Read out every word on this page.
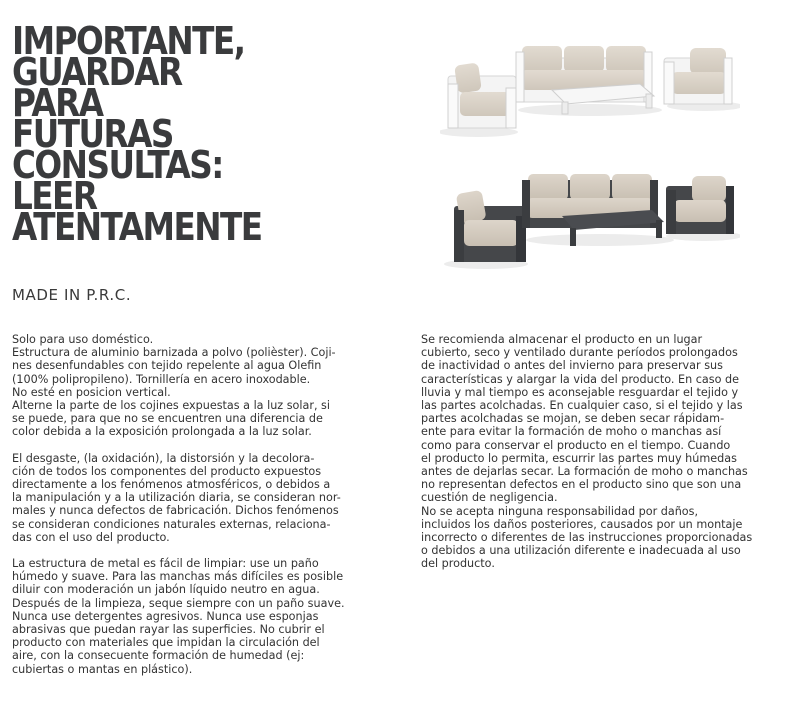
IMPORTANTE,
GUARDAR
PARA FUTURAS
CONSULTAS:
LEER
ATENTAMENTE
MADE IN P.R.C.

Solo para uso doméstico.
Estructura de aluminio barnizada a polvo (polièster). Coji-
nes desenfundables con tejido repelente al agua Olefin
(100% polipropileno). Tornillería en acero inoxodable.
No esté en posicion vertical.
Alterne la parte de los cojines expuestas a la luz solar, si
se puede, para que no se encuentren una diferencia de
color debida a la exposición prolongada a la luz solar.

El desgaste, (la oxidación), la distorsión y la decolora-
ción de todos los componentes del producto expuestos
directamente a los fenómenos atmosféricos, o debidos a
la manipulación y a la utilización diaria, se consideran nor-
males y nunca defectos de fabricación. Dichos fenómenos
se consideran condiciones naturales externas, relaciona-
das con el uso del producto.

La estructura de metal es fácil de limpiar: use un paño
húmedo y suave. Para las manchas más difíciles es posible
diluir con moderación un jabón líquido neutro en agua.
Después de la limpieza, seque siempre con un paño suave.
Nunca use detergentes agresivos. Nunca use esponjas
abrasivas que puedan rayar las superficies. No cubrir el
producto con materiales que impidan la circulación del
aire, con la consecuente formación de humedad (ej:
cubiertas o mantas en plástico).

Se recomienda almacenar el producto en un lugar
cubierto, seco y ventilado durante períodos prolongados
de inactividad o antes del invierno para preservar sus
características y alargar la vida del producto. En caso de
lluvia y mal tiempo es aconsejable resguardar el tejido y
las partes acolchadas. En cualquier caso, si el tejido y las
partes acolchadas se mojan, se deben secar rápidam-
ente para evitar la formación de moho o manchas así
como para conservar el producto en el tiempo. Cuando
el producto lo permita, escurrir las partes muy húmedas
antes de dejarlas secar. La formación de moho o manchas
no representan defectos en el producto sino que son una
cuestión de negligencia.
No se acepta ninguna responsabilidad por daños,
incluidos los daños posteriores, causados por un montaje
incorrecto o diferentes de las instrucciones proporcionadas
o debidos a una utilización diferente e inadecuada al uso
del producto.
